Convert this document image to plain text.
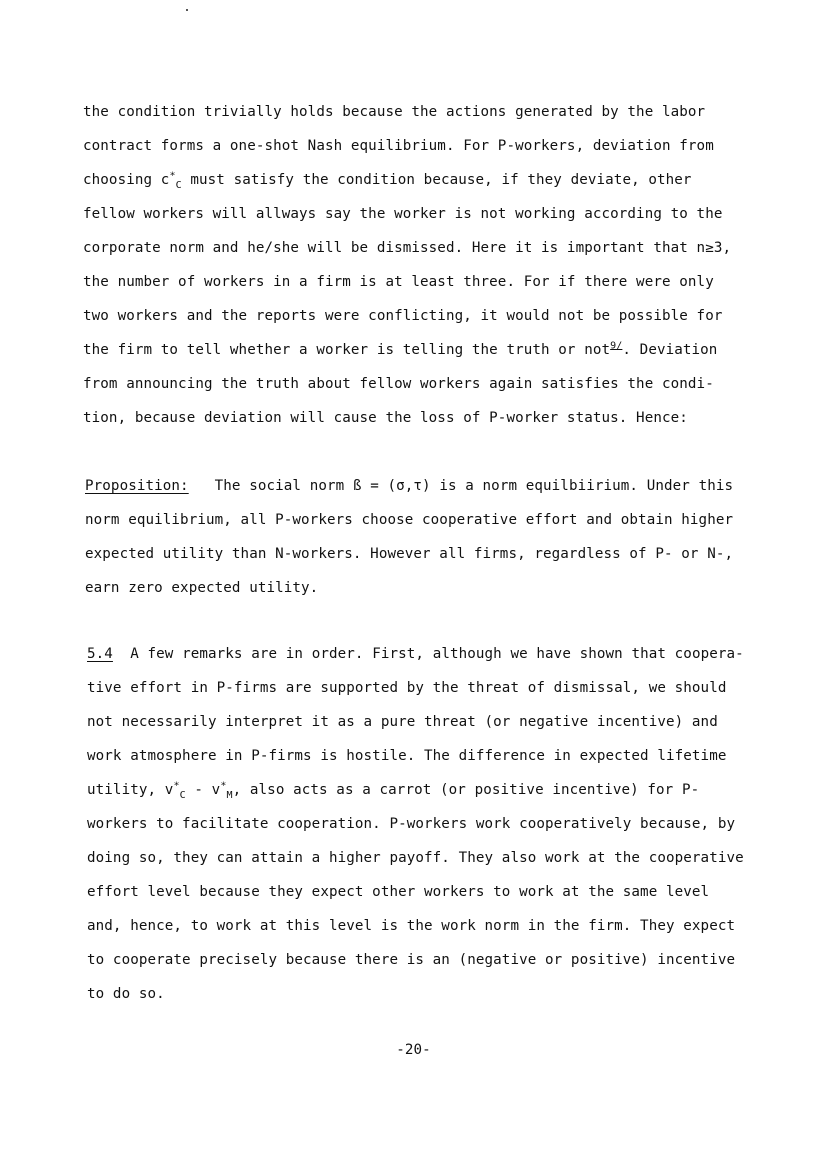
the condition trivially holds because the actions generated by the labor
contract forms a one-shot Nash equilibrium. For P-workers, deviation from
choosing $c^*_C$ must satisfy the condition because, if they deviate, other
fellow workers will allways say the worker is not working according to the
corporate norm and he/she will be dismissed. Here it is important that n≥3,
the number of workers in a firm is at least three. For if there were only
two workers and the reports were conflicting, it would not be possible for
the firm to tell whether a worker is telling the truth or not$^{9/}$. Deviation
from announcing the truth about fellow workers again satisfies the condi-
tion, because deviation will cause the loss of P-worker status. Hence:
Proposition: The social norm ß = (σ,τ) is a norm equilbiirium. Under this
norm equilibrium, all P-workers choose cooperative effort and obtain higher
expected utility than N-workers. However all firms, regardless of P- or N-,
earn zero expected utility.
5.4 A few remarks are in order. First, although we have shown that coopera-
tive effort in P-firms are supported by the threat of dismissal, we should
not necessarily interpret it as a pure threat (or negative incentive) and
work atmosphere in P-firms is hostile. The difference in expected lifetime
utility, $v^*_C - v^*_M$, also acts as a carrot (or positive incentive) for P-
workers to facilitate cooperation. P-workers work cooperatively because, by
doing so, they can attain a higher payoff. They also work at the cooperative
effort level because they expect other workers to work at the same level
and, hence, to work at this level is the work norm in the firm. They expect
to cooperate precisely because there is an (negative or positive) incentive
to do so.
-20-
